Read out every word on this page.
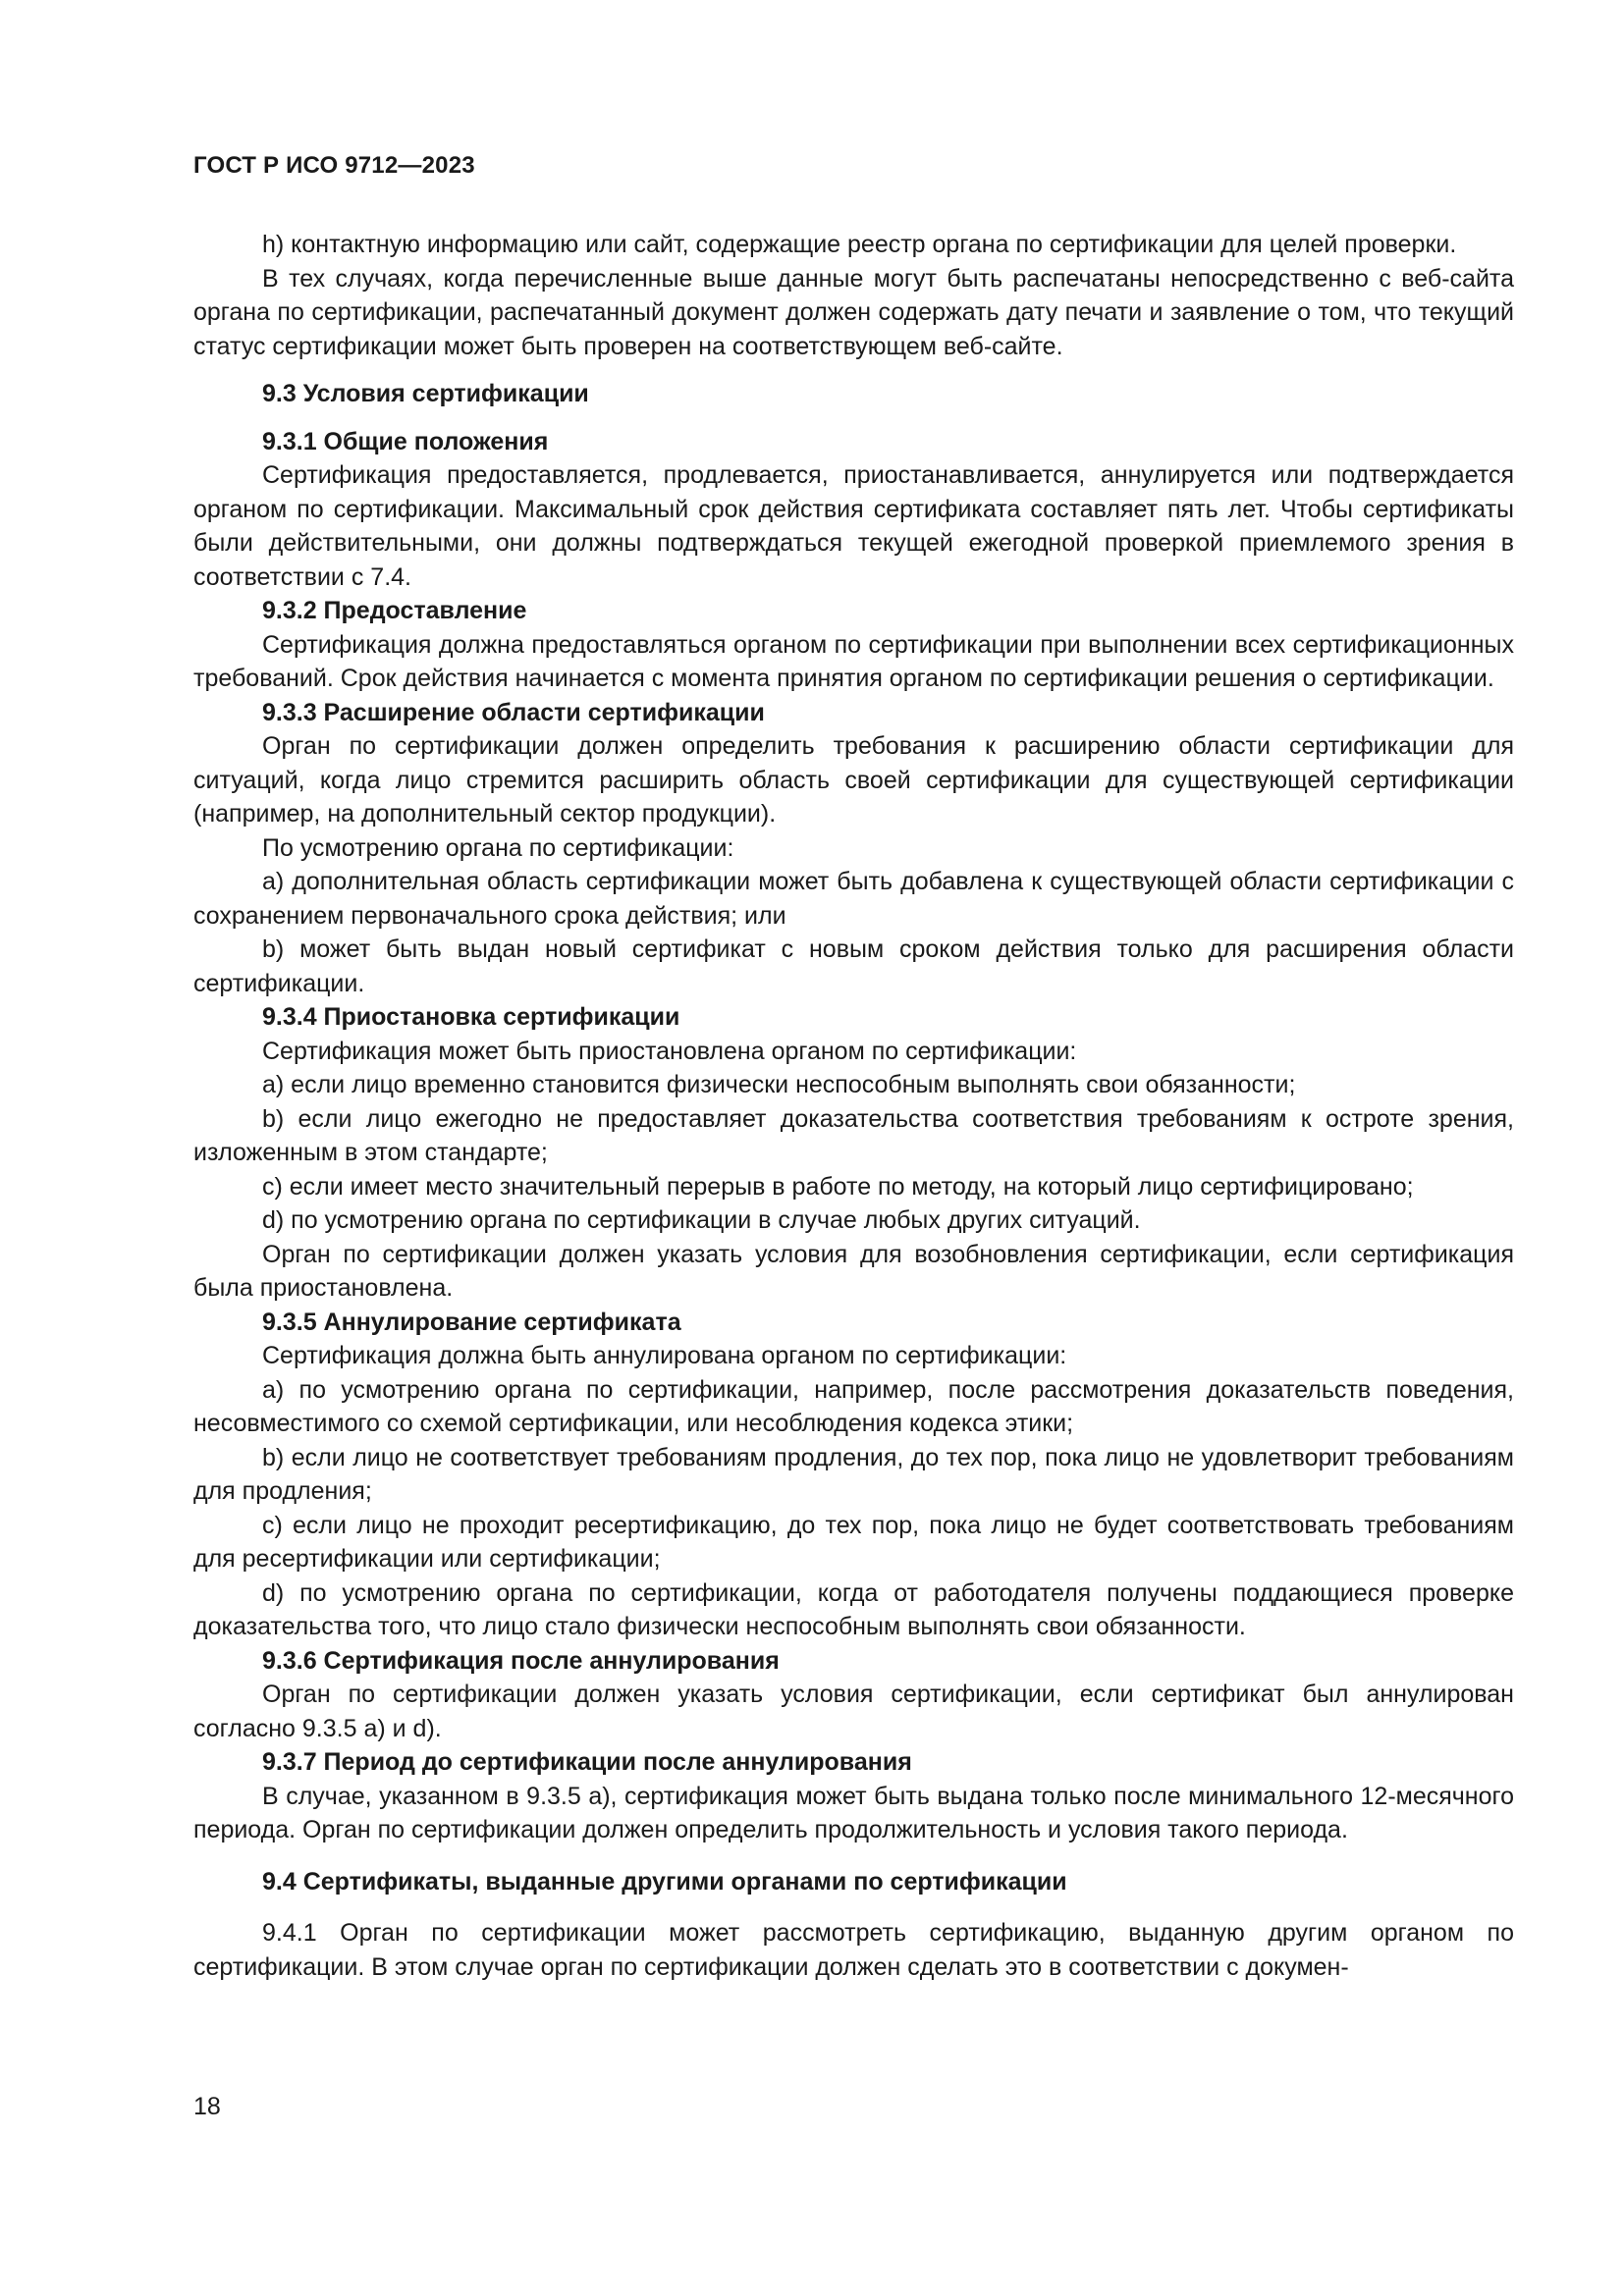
ГОСТ Р ИСО 9712—2023

h) контактную информацию или сайт, содержащие реестр органа по сертификации для целей проверки.

В тех случаях, когда перечисленные выше данные могут быть распечатаны непосредственно с веб-сайта органа по сертификации, распечатанный документ должен содержать дату печати и заявление о том, что текущий статус сертификации может быть проверен на соответствующем веб-сайте.

9.3 Условия сертификации

9.3.1 Общие положения

Сертификация предоставляется, продлевается, приостанавливается, аннулируется или подтверждается органом по сертификации. Максимальный срок действия сертификата составляет пять лет. Чтобы сертификаты были действительными, они должны подтверждаться текущей ежегодной проверкой приемлемого зрения в соответствии с 7.4.

9.3.2 Предоставление

Сертификация должна предоставляться органом по сертификации при выполнении всех сертификационных требований. Срок действия начинается с момента принятия органом по сертификации решения о сертификации.

9.3.3 Расширение области сертификации

Орган по сертификации должен определить требования к расширению области сертификации для ситуаций, когда лицо стремится расширить область своей сертификации для существующей сертификации (например, на дополнительный сектор продукции).

По усмотрению органа по сертификации:

a) дополнительная область сертификации может быть добавлена к существующей области сертификации с сохранением первоначального срока действия; или

b) может быть выдан новый сертификат с новым сроком действия только для расширения области сертификации.

9.3.4 Приостановка сертификации

Сертификация может быть приостановлена органом по сертификации:

a) если лицо временно становится физически неспособным выполнять свои обязанности;

b) если лицо ежегодно не предоставляет доказательства соответствия требованиям к остроте зрения, изложенным в этом стандарте;

c) если имеет место значительный перерыв в работе по методу, на который лицо сертифицировано;

d) по усмотрению органа по сертификации в случае любых других ситуаций.

Орган по сертификации должен указать условия для возобновления сертификации, если сертификация была приостановлена.

9.3.5 Аннулирование сертификата

Сертификация должна быть аннулирована органом по сертификации:

a) по усмотрению органа по сертификации, например, после рассмотрения доказательств поведения, несовместимого со схемой сертификации, или несоблюдения кодекса этики;

b) если лицо не соответствует требованиям продления, до тех пор, пока лицо не удовлетворит требованиям для продления;

c) если лицо не проходит ресертификацию, до тех пор, пока лицо не будет соответствовать требованиям для ресертификации или сертификации;

d) по усмотрению органа по сертификации, когда от работодателя получены поддающиеся проверке доказательства того, что лицо стало физически неспособным выполнять свои обязанности.

9.3.6 Сертификация после аннулирования

Орган по сертификации должен указать условия сертификации, если сертификат был аннулирован согласно 9.3.5 a) и d).

9.3.7 Период до сертификации после аннулирования

В случае, указанном в 9.3.5 a), сертификация может быть выдана только после минимального 12-месячного периода. Орган по сертификации должен определить продолжительность и условия такого периода.

9.4 Сертификаты, выданные другими органами по сертификации

9.4.1 Орган по сертификации может рассмотреть сертификацию, выданную другим органом по сертификации. В этом случае орган по сертификации должен сделать это в соответствии с докумен-

18
